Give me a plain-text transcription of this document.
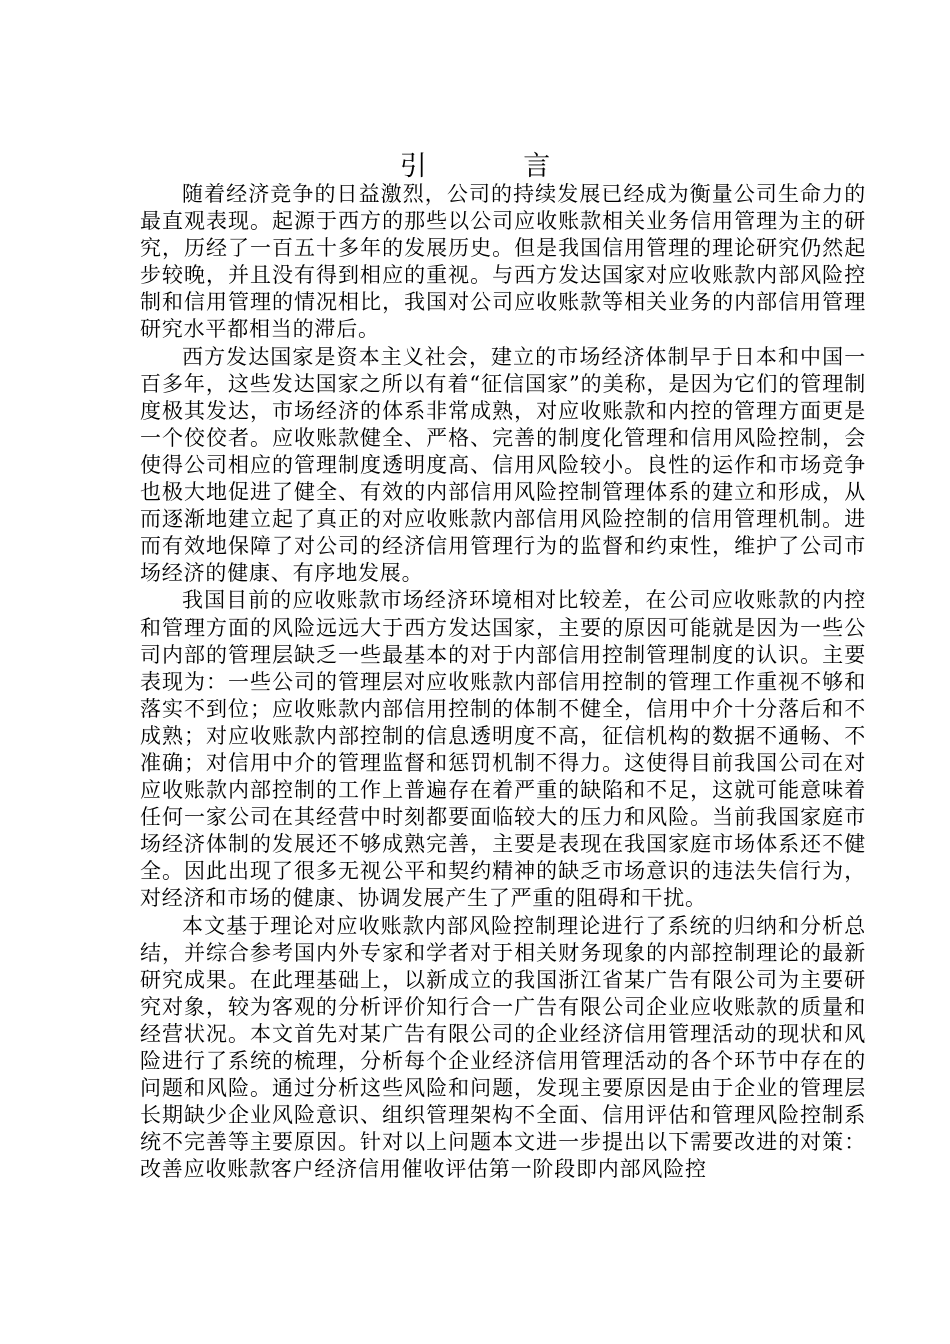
引 言

随着经济竞争的日益激烈，公司的持续发展已经成为衡量公司生命力的最直观表现。起源于西方的那些以公司应收账款相关业务信用管理为主的研究，历经了一百五十多年的发展历史。但是我国信用管理的理论研究仍然起步较晚，并且没有得到相应的重视。与西方发达国家对应收账款内部风险控制和信用管理的情况相比，我国对公司应收账款等相关业务的内部信用管理研究水平都相当的滞后。

西方发达国家是资本主义社会，建立的市场经济体制早于日本和中国一百多年，这些发达国家之所以有着“征信国家”的美称，是因为它们的管理制度极其发达，市场经济的体系非常成熟，对应收账款和内控的管理方面更是一个佼佼者。应收账款健全、严格、完善的制度化管理和信用风险控制，会使得公司相应的管理制度透明度高、信用风险较小。良性的运作和市场竞争也极大地促进了健全、有效的内部信用风险控制管理体系的建立和形成，从而逐渐地建立起了真正的对应收账款内部信用风险控制的信用管理机制。进而有效地保障了对公司的经济信用管理行为的监督和约束性，维护了公司市场经济的健康、有序地发展。

我国目前的应收账款市场经济环境相对比较差，在公司应收账款的内控和管理方面的风险远远大于西方发达国家，主要的原因可能就是因为一些公司内部的管理层缺乏一些最基本的对于内部信用控制管理制度的认识。主要表现为：一些公司的管理层对应收账款内部信用控制的管理工作重视不够和落实不到位；应收账款内部信用控制的体制不健全，信用中介十分落后和不成熟；对应收账款内部控制的信息透明度不高，征信机构的数据不通畅、不准确；对信用中介的管理监督和惩罚机制不得力。这使得目前我国公司在对应收账款内部控制的工作上普遍存在着严重的缺陷和不足，这就可能意味着任何一家公司在其经营中时刻都要面临较大的压力和风险。当前我国家庭市场经济体制的发展还不够成熟完善，主要是表现在我国家庭市场体系还不健全。因此出现了很多无视公平和契约精神的缺乏市场意识的违法失信行为，对经济和市场的健康、协调发展产生了严重的阻碍和干扰。

本文基于理论对应收账款内部风险控制理论进行了系统的归纳和分析总结，并综合参考国内外专家和学者对于相关财务现象的内部控制理论的最新研究成果。在此理基础上，以新成立的我国浙江省某广告有限公司为主要研究对象，较为客观的分析评价知行合一广告有限公司企业应收账款的质量和经营状况。本文首先对某广告有限公司的企业经济信用管理活动的现状和风险进行了系统的梳理，分析每个企业经济信用管理活动的各个环节中存在的问题和风险。通过分析这些风险和问题，发现主要原因是由于企业的管理层长期缺少企业风险意识、组织管理架构不全面、信用评估和管理风险控制系统不完善等主要原因。针对以上问题本文进一步提出以下需要改进的对策：改善应收账款客户经济信用催收评估第一阶段即内部风险控
